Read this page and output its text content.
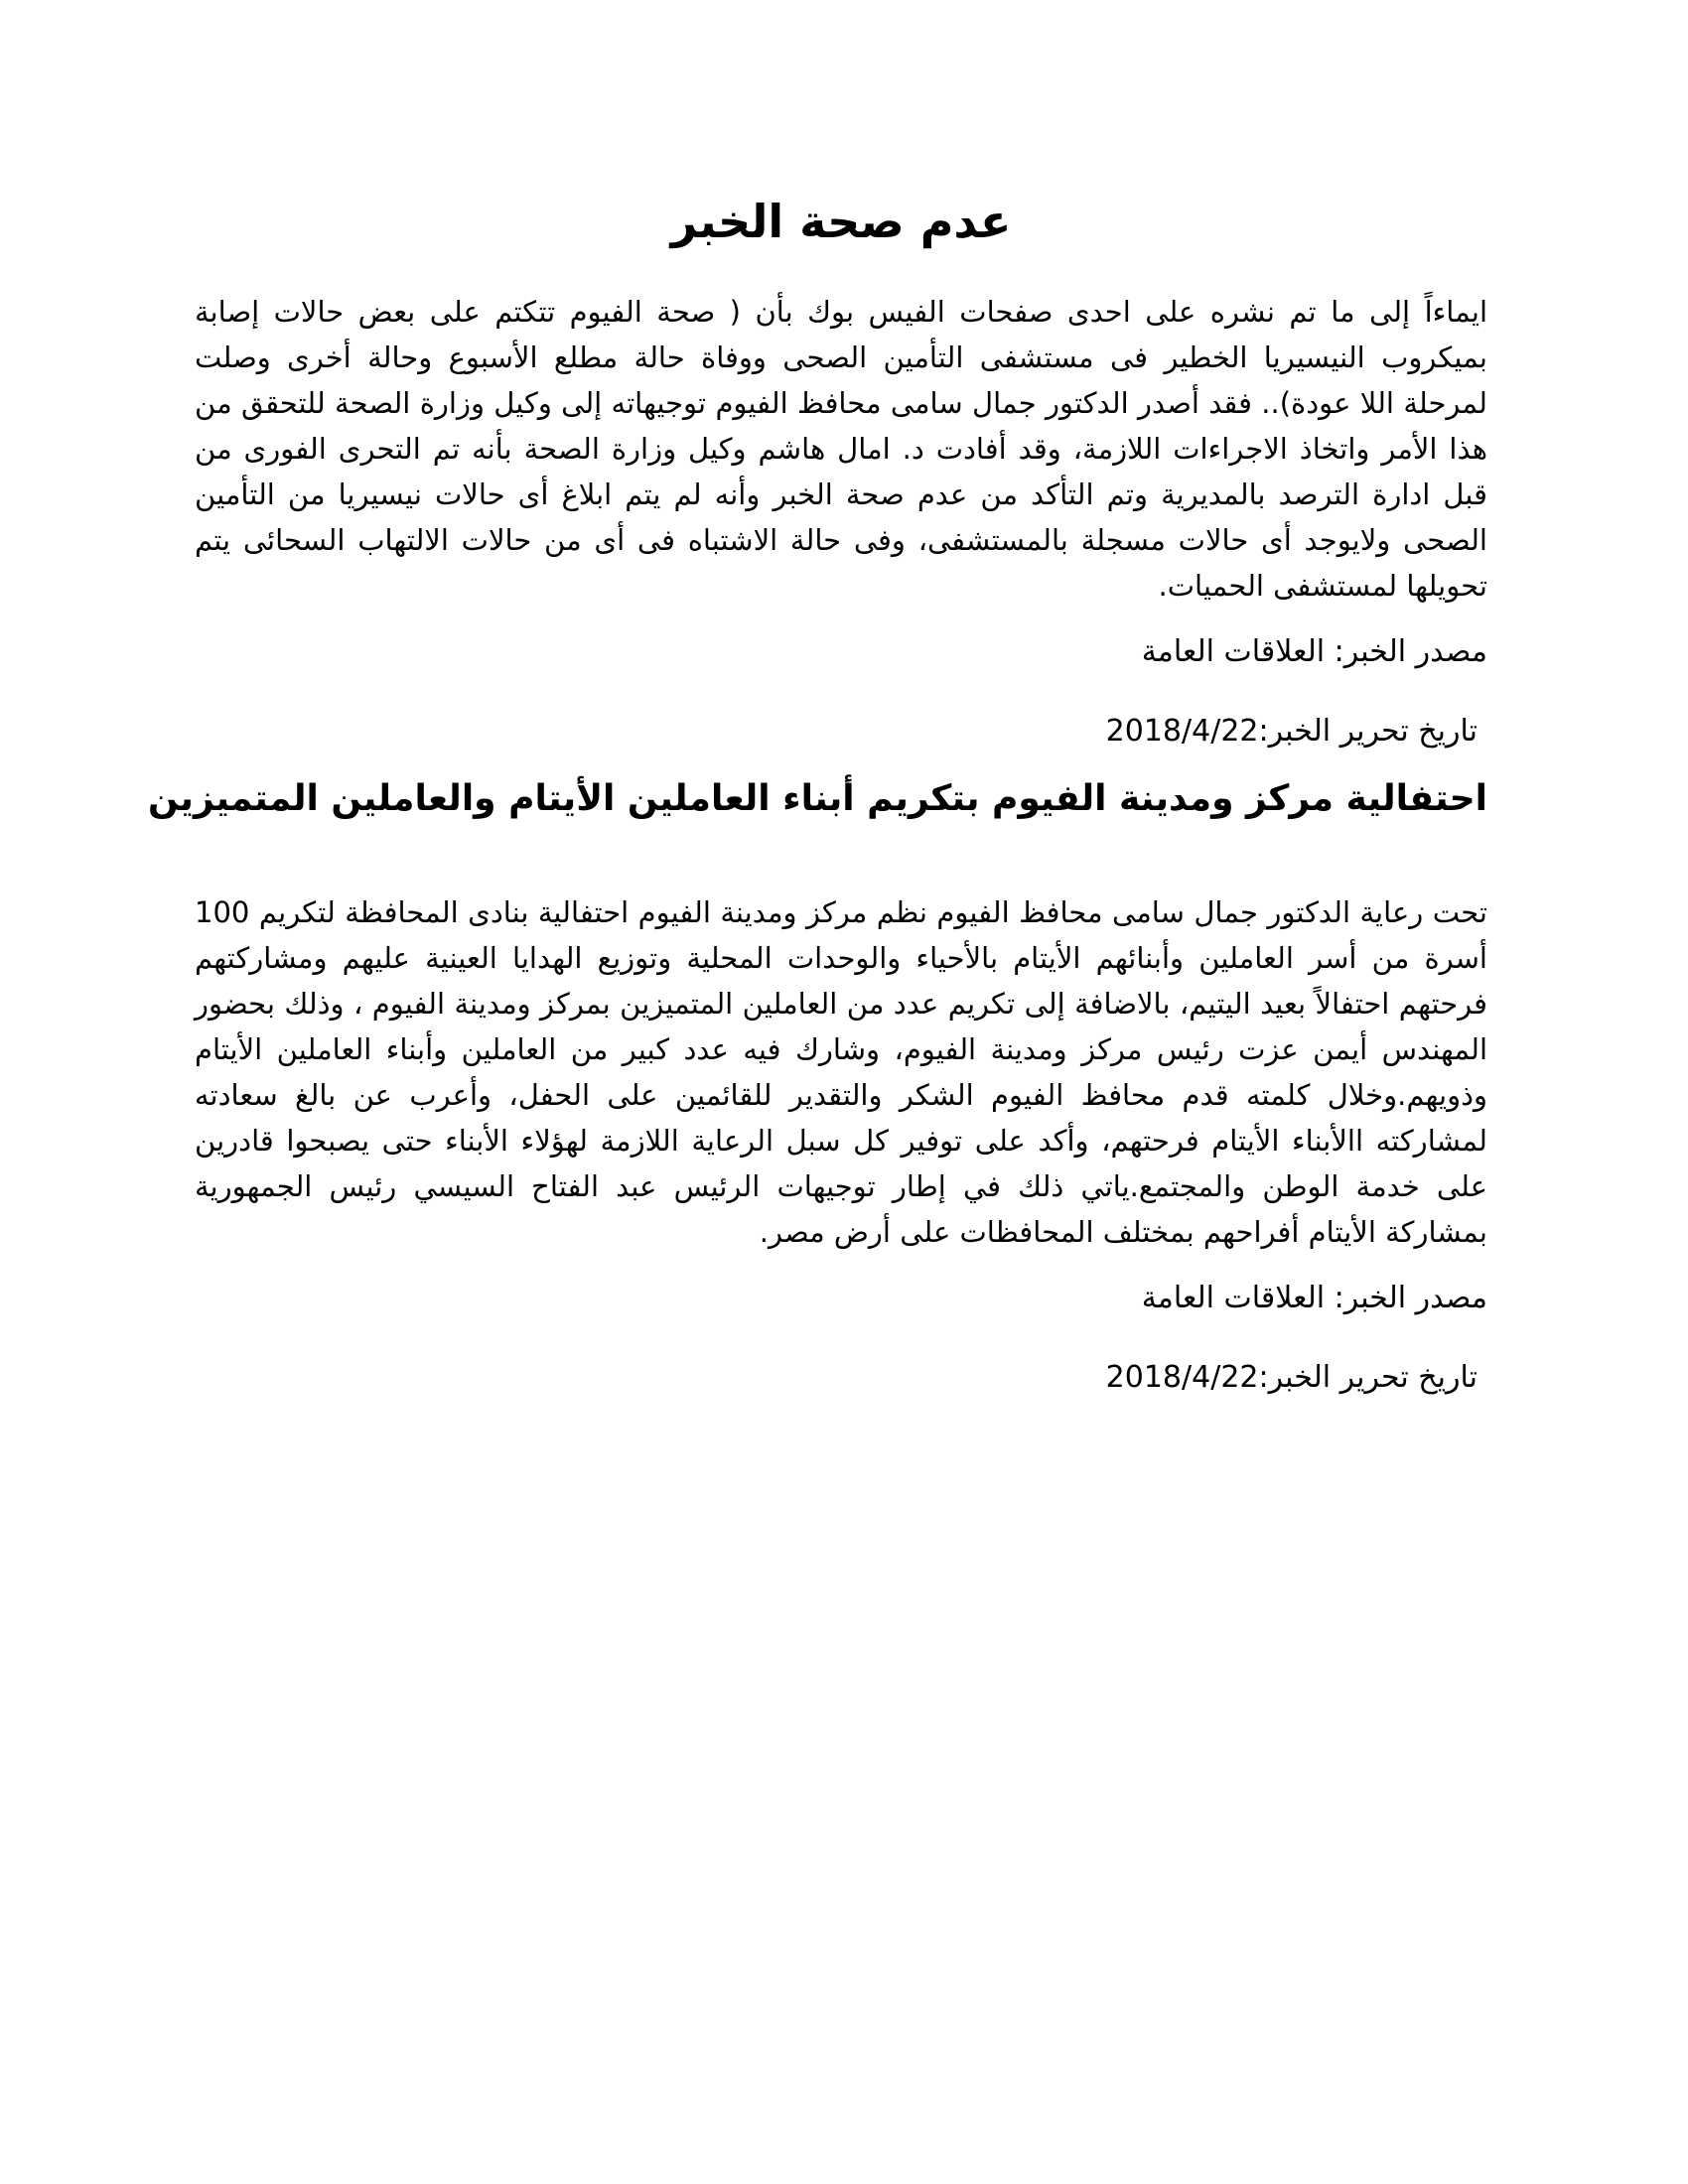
عدم صحة الخبر

ايماءاً إلى ما تم نشره على احدى صفحات الفيس بوك بأن ( صحة الفيوم تتكتم على بعض حالات إصابة بميكروب النيسيريا الخطير فى مستشفى التأمين الصحى ووفاة حالة مطلع الأسبوع وحالة أخرى وصلت لمرحلة اللا عودة).. فقد أصدر الدكتور جمال سامى محافظ الفيوم توجيهاته إلى وكيل وزارة الصحة للتحقق من هذا الأمر واتخاذ الاجراءات اللازمة، وقد أفادت د. امال هاشم وكيل وزارة الصحة بأنه تم التحرى الفورى من قبل ادارة الترصد بالمديرية وتم التأكد من عدم صحة الخبر وأنه لم يتم ابلاغ أى حالات نيسيريا من التأمين الصحى ولايوجد أى حالات مسجلة بالمستشفى، وفى حالة الاشتباه فى أى من حالات الالتهاب السحائى يتم تحويلها لمستشفى الحميات.

مصدر الخبر: العلاقات العامة
تاريخ تحرير الخبر:2018/4/22
احتفالية مركز ومدينة الفيوم بتكريم أبناء العاملين الأيتام والعاملين المتميزين

تحت رعاية الدكتور جمال سامى محافظ الفيوم نظم مركز ومدينة الفيوم احتفالية بنادى المحافظة لتكريم 100 أسرة من أسر العاملين وأبنائهم الأيتام بالأحياء والوحدات المحلية وتوزيع الهدايا العينية عليهم ومشاركتهم فرحتهم احتفالاً بعيد اليتيم، بالاضافة إلى تكريم عدد من العاملين المتميزين بمركز ومدينة الفيوم ، وذلك بحضور المهندس أيمن عزت رئيس مركز ومدينة الفيوم، وشارك فيه عدد كبير من العاملين وأبناء العاملين الأيتام وذويهم.وخلال كلمته قدم محافظ الفيوم الشكر والتقدير للقائمين على الحفل، وأعرب عن بالغ سعادته لمشاركته االأبناء الأيتام فرحتهم، وأكد على توفير كل سبل الرعاية اللازمة لهؤلاء الأبناء حتى يصبحوا قادرين على خدمة الوطن والمجتمع.ياتي ذلك في إطار توجيهات الرئيس عبد الفتاح السيسي رئيس الجمهورية بمشاركة الأيتام أفراحهم بمختلف المحافظات على أرض مصر.

مصدر الخبر: العلاقات العامة
تاريخ تحرير الخبر:2018/4/22
